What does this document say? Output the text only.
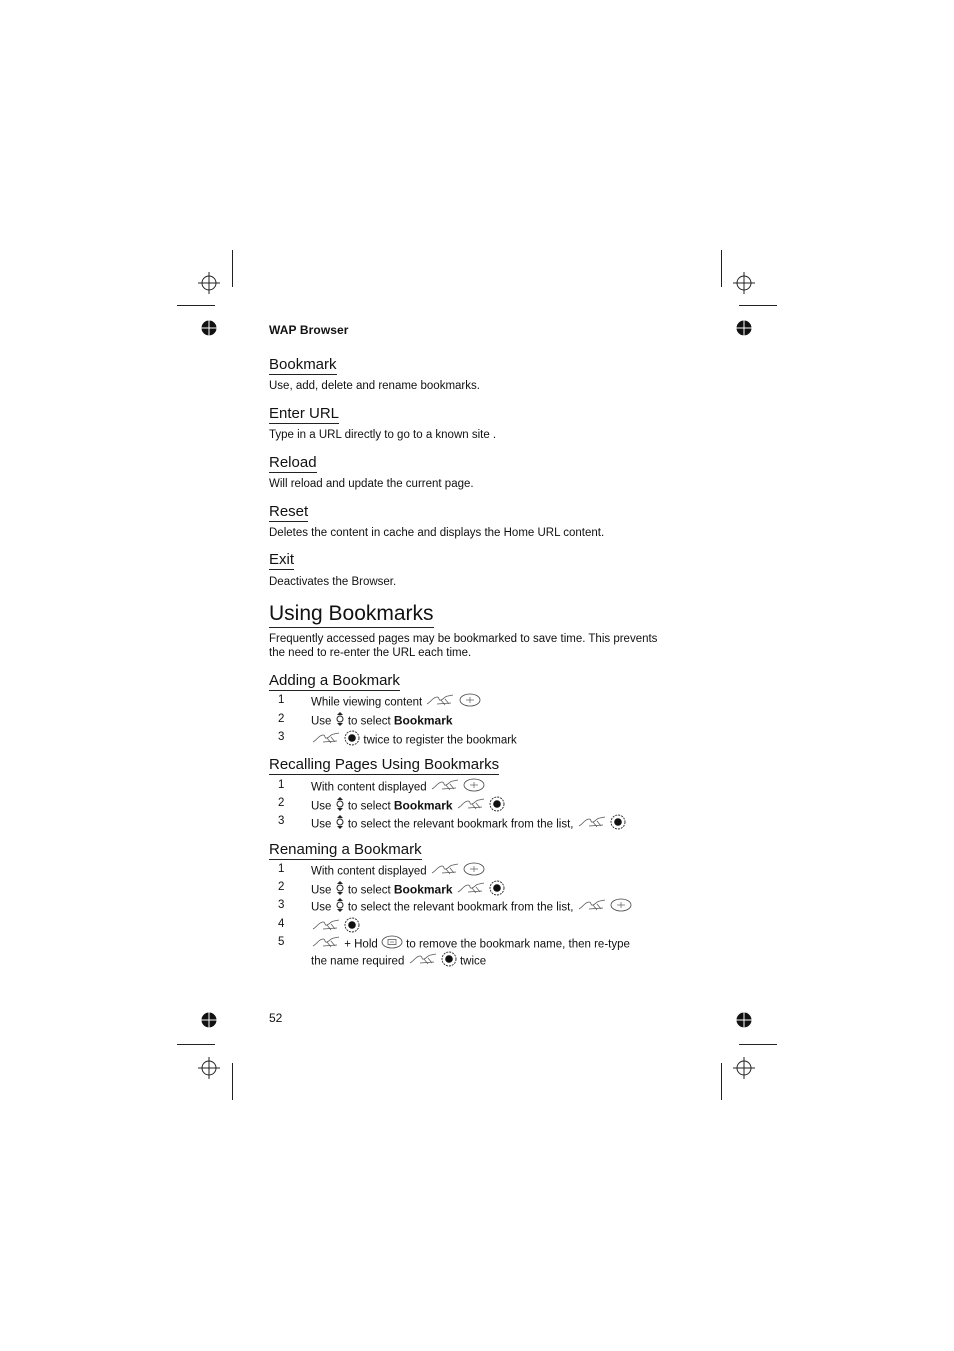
WAP Browser
Bookmark
Use, add, delete and rename bookmarks.
Enter URL
Type in a URL directly to go to a known site .
Reload
Will reload and update the current page.
Reset
Deletes the content in cache and displays the Home URL content.
Exit
Deactivates the Browser.
Using Bookmarks
Frequently accessed pages may be bookmarked to save time. This prevents
the need to re-enter the URL each time.
Adding a Bookmark
1 While viewing content
2 Use to select Bookmark
3	twice to register the bookmark
Recalling Pages Using Bookmarks
1 With content displayed
2 Use to select Bookmark
3 Use to select the relevant bookmark from the list,
Renaming a Bookmark
1 With content displayed
2 Use to select Bookmark
3 Use to select the relevant bookmark from the list,
4

5	+ Hold to remove the bookmark name, then re-type
the name required	twice
52
